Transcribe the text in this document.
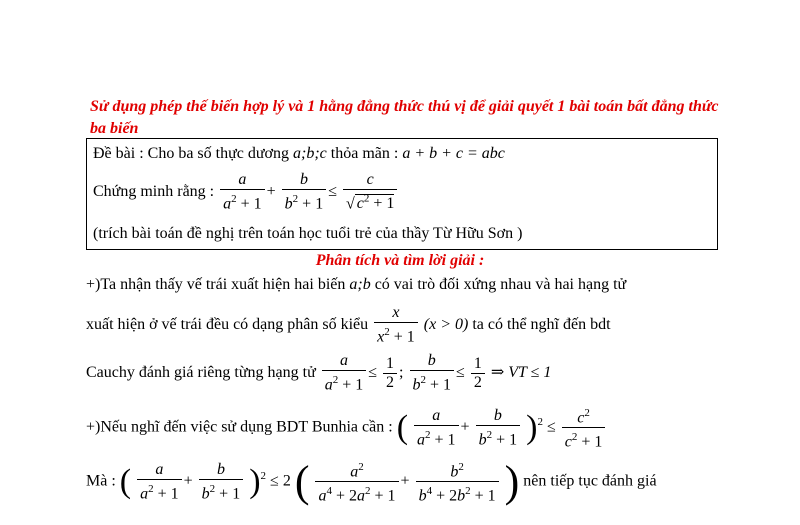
Sử dụng phép thế biến hợp lý và 1 hằng đẳng thức thú vị để giải quyết 1 bài toán bất đẳng thức ba biến
Đề bài : Cho ba số thực dương a;b;c thỏa mãn : a + b + c = abc
Chứng minh rằng : $\frac{a}{a^2 + 1} + \frac{b}{b^2 + 1} \le \frac{c}{√ c^2 + 1}$
(trích bài toán đề nghị trên toán học tuổi trẻ của thầy Từ Hữu Sơn )
Phân tích và tìm lời giải :
+)Ta nhận thấy vế trái xuất hiện hai biến a;b có vai trò đối xứng nhau và hai hạng tử
xuất hiện ở vế trái đều có dạng phân số kiểu $\frac{x}{x^2 + 1} (x > 0)$ ta có thể nghĩ đến bdt
Cauchy đánh giá riêng từng hạng tử $\frac{a}{a^2 + 1} \le \frac{1}{2}$ ; $\frac{b}{b^2 + 1} \le \frac{1}{2}$ ⇒ VT ≤ 1
+)Nếu nghĩ đến việc sử dụng BDT Bunhia cần : ( $\frac{a}{a^2 + 1} + \frac{b}{b^2 + 1} )^2 \le \frac{c^2}{c^2 + 1}$
Mà : ( $\frac{a}{a^2 + 1} + \frac{b}{b^2 + 1} )^2 \le 2$ ( $\frac{a^2}{a^4 + 2a^2 + 1} + \frac{b^2}{b^4 + 2b^2 + 1}$ ) nên tiếp tục đánh giá
